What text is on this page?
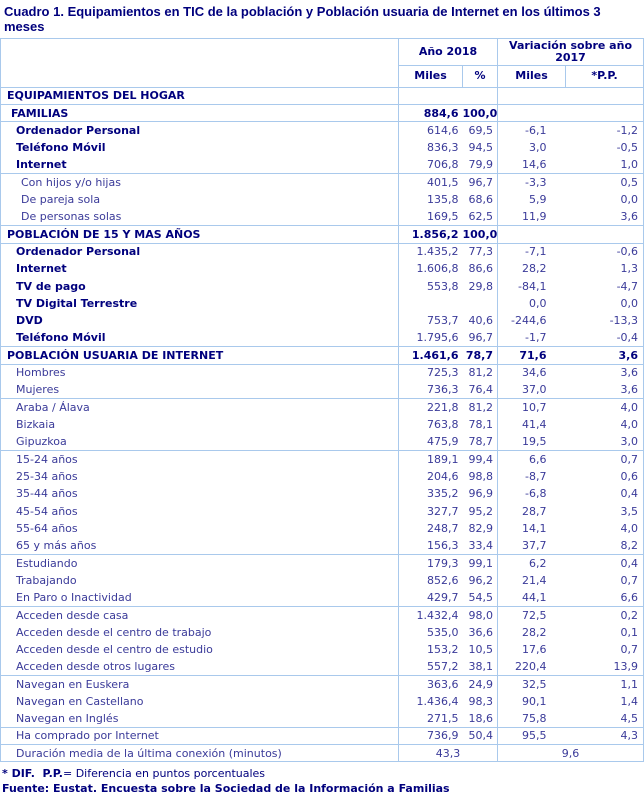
Cuadro 1. Equipamientos en TIC de la población y Población usuaria de Internet en los últimos 3 meses
	Año 2018		Variación sobre año 2017	
	Miles	%	Miles	*P.P.
EQUIPAMIENTOS DEL HOGAR				
FAMILIAS	884,6	100,0		
Ordenador Personal	614,6	69,5	-6,1	-1,2
Teléfono Móvil	836,3	94,5	3,0	-0,5
Internet	706,8	79,9	14,6	1,0
Con hijos y/o hijas	401,5	96,7	-3,3	0,5
De pareja sola	135,8	68,6	5,9	0,0
De personas solas	169,5	62,5	11,9	3,6
POBLACIÓN DE 15 Y MAS AÑOS	1.856,2	100,0		
Ordenador Personal	1.435,2	77,3	-7,1	-0,6
Internet	1.606,8	86,6	28,2	1,3
TV de pago	553,8	29,8	-84,1	-4,7
TV Digital Terrestre			0,0	0,0
DVD	753,7	40,6	-244,6	-13,3
Teléfono Móvil	1.795,6	96,7	-1,7	-0,4
POBLACIÓN USUARIA DE INTERNET	1.461,6	78,7	71,6	3,6
Hombres	725,3	81,2	34,6	3,6
Mujeres	736,3	76,4	37,0	3,6
Araba / Álava	221,8	81,2	10,7	4,0
Bizkaia	763,8	78,1	41,4	4,0
Gipuzkoa	475,9	78,7	19,5	3,0
15-24 años	189,1	99,4	6,6	0,7
25-34 años	204,6	98,8	-8,7	0,6
35-44 años	335,2	96,9	-6,8	0,4
45-54 años	327,7	95,2	28,7	3,5
55-64 años	248,7	82,9	14,1	4,0
65 y más años	156,3	33,4	37,7	8,2
Estudiando	179,3	99,1	6,2	0,4
Trabajando	852,6	96,2	21,4	0,7
En Paro o Inactividad	429,7	54,5	44,1	6,6
Acceden desde casa	1.432,4	98,0	72,5	0,2
Acceden desde el centro de trabajo	535,0	36,6	28,2	0,1
Acceden desde el centro de estudio	153,2	10,5	17,6	0,7
Acceden desde otros lugares	557,2	38,1	220,4	13,9
Navegan en Euskera	363,6	24,9	32,5	1,1
Navegan en Castellano	1.436,4	98,3	90,1	1,4
Navegan en Inglés	271,5	18,6	75,8	4,5
Ha comprado por Internet	736,9	50,4	95,5	4,3
Duración media de la última conexión (minutos)	43,3		9,6	
* DIF.  P.P.= Diferencia en puntos porcentuales
Fuente: Eustat. Encuesta sobre la Sociedad de la Información a Familias
